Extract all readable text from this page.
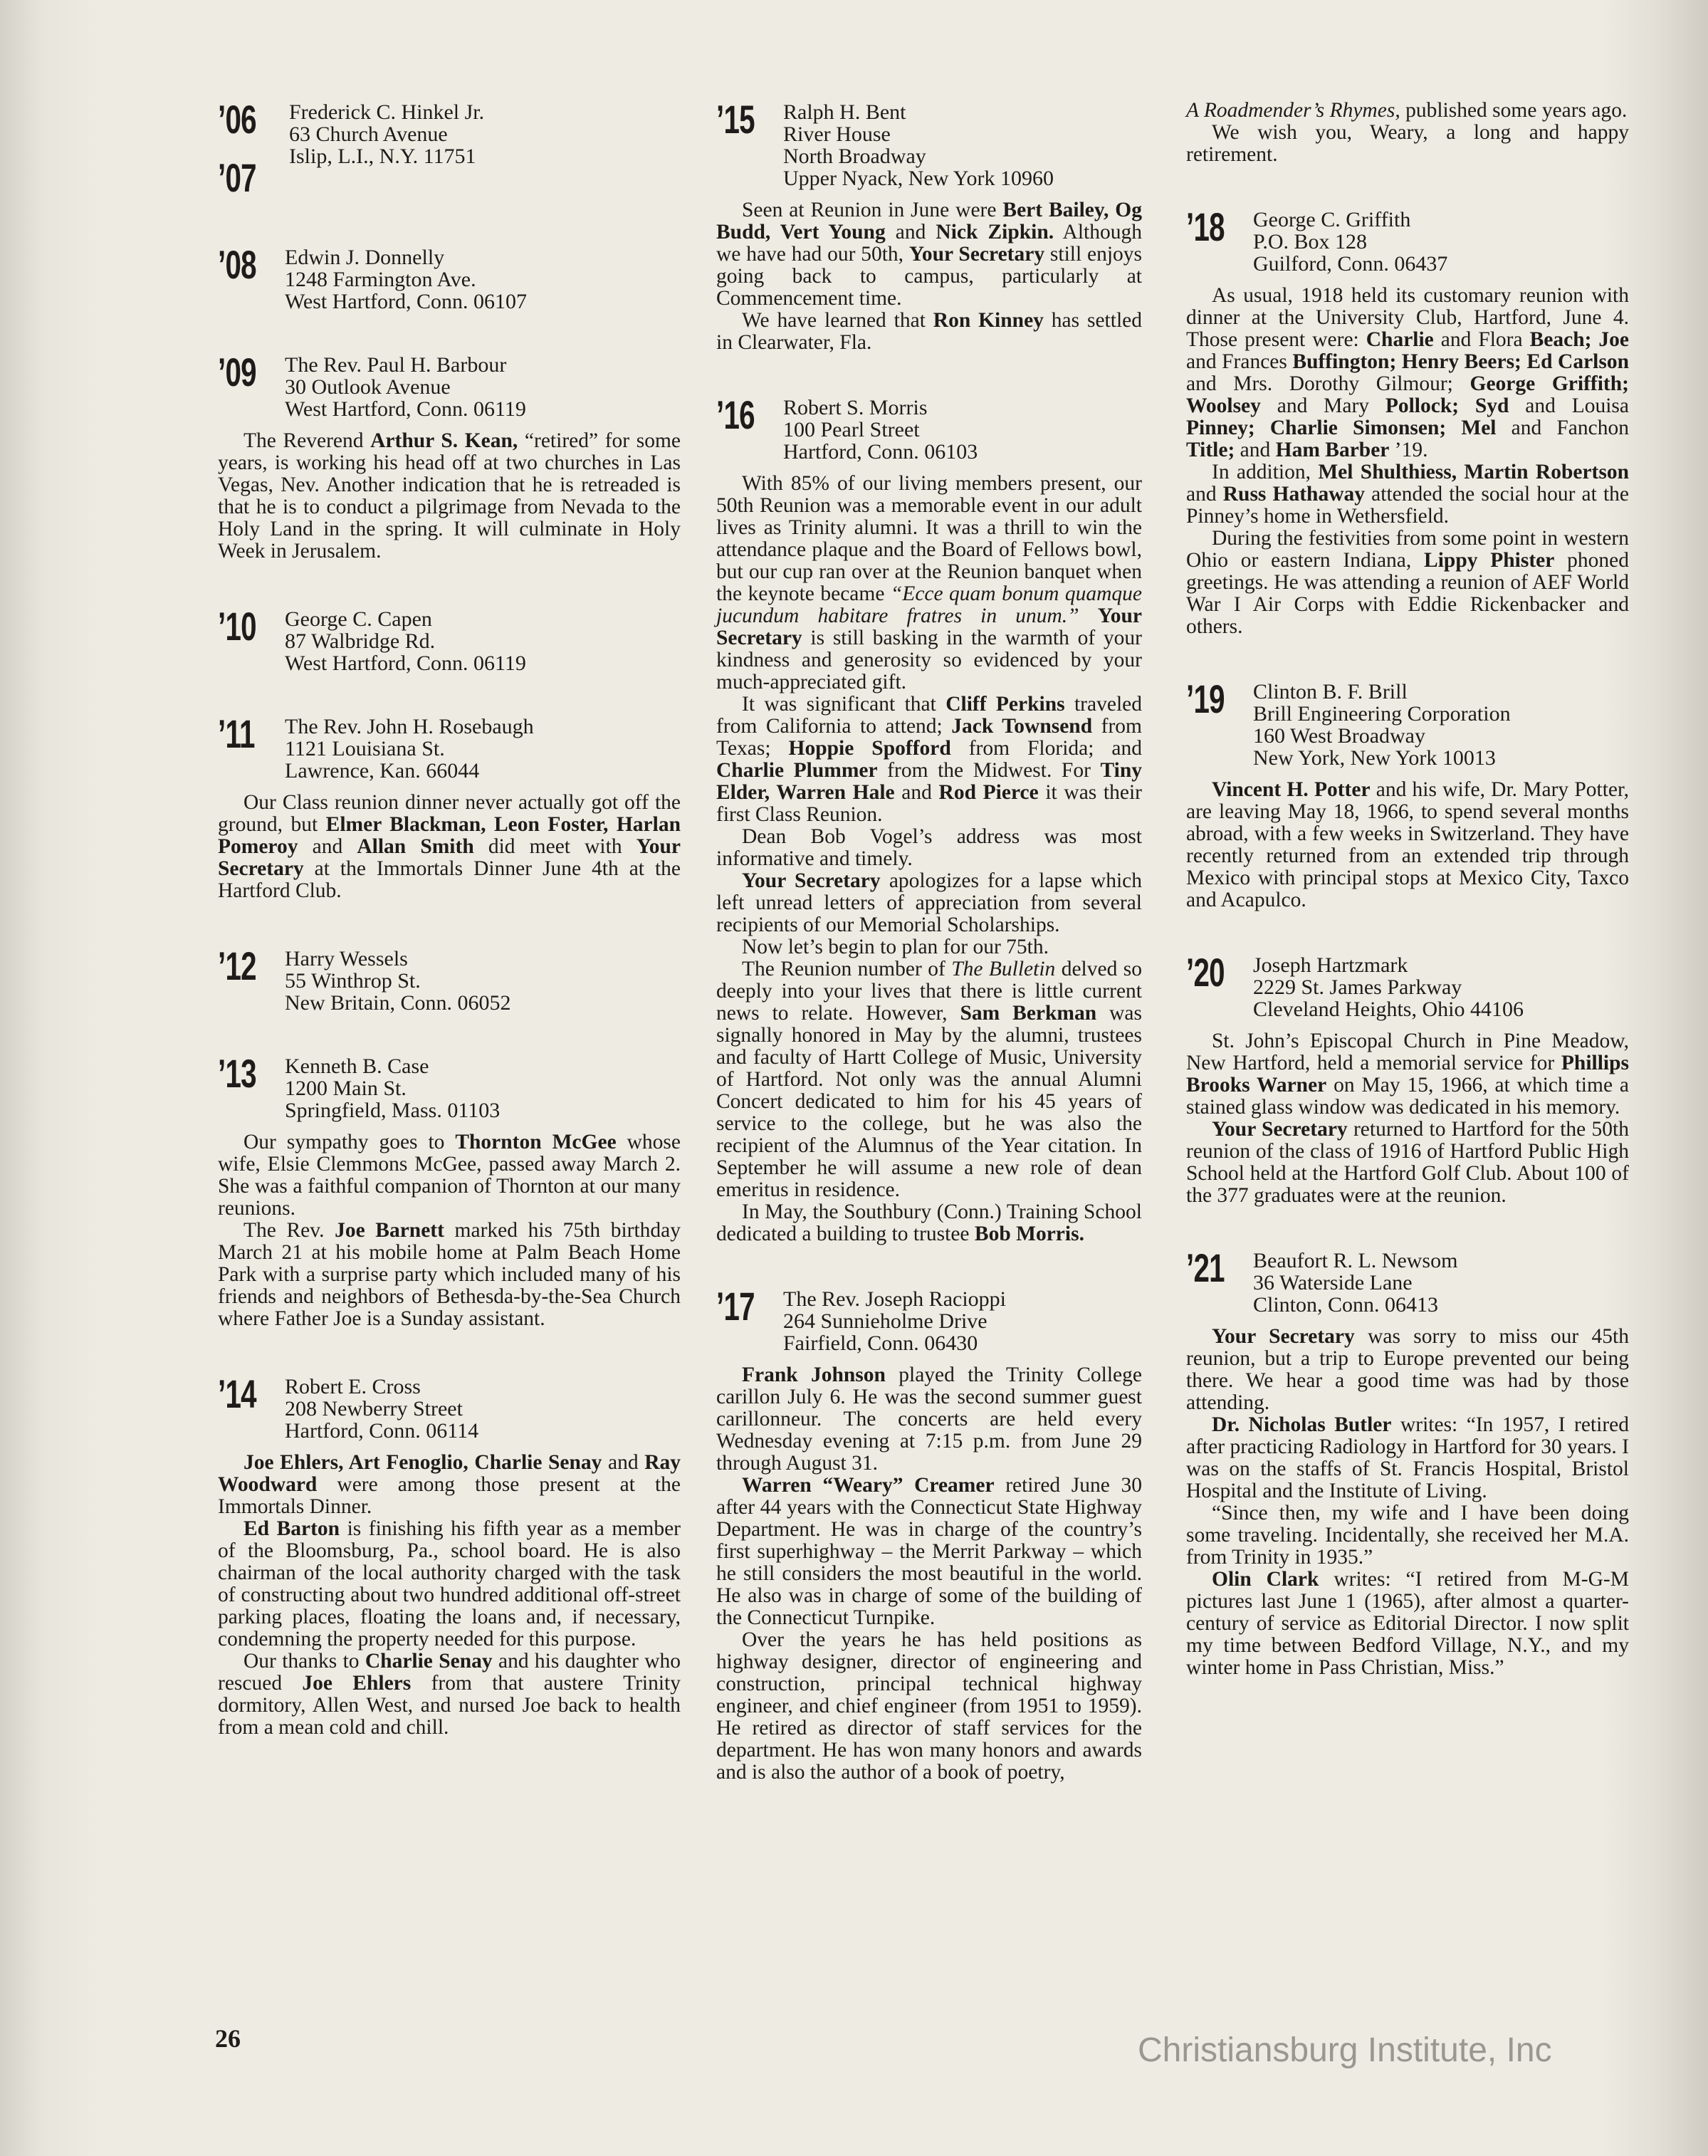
’06
’07
Frederick C. Hinkel Jr.
63 Church Avenue
Islip, L.I., N.Y. 11751
’08 Edwin J. Donnelly
1248 Farmington Ave.
West Hartford, Conn. 06107
’09 The Rev. Paul H. Barbour
30 Outlook Avenue
West Hartford, Conn. 06119

The Reverend Arthur S. Kean, “retired” for some years, is working his head off at two churches in Las Vegas, Nev. Another indication that he is retreaded is that he is to conduct a pilgrimage from Nevada to the Holy Land in the spring. It will culminate in Holy Week in Jerusalem.

’10 George C. Capen
87 Walbridge Rd.
West Hartford, Conn. 06119
’11 The Rev. John H. Rosebaugh
1121 Louisiana St.
Lawrence, Kan. 66044

Our Class reunion dinner never actually got off the ground, but Elmer Blackman, Leon Foster, Harlan Pomeroy and Allan Smith did meet with Your Secretary at the Immortals Dinner June 4th at the Hartford Club.

’12 Harry Wessels
55 Winthrop St.
New Britain, Conn. 06052
’13 Kenneth B. Case
1200 Main St.
Springfield, Mass. 01103

Our sympathy goes to Thornton McGee whose wife, Elsie Clemmons McGee, passed away March 2. She was a faithful companion of Thornton at our many reunions.

The Rev. Joe Barnett marked his 75th birthday March 21 at his mobile home at Palm Beach Home Park with a surprise party which included many of his friends and neighbors of Bethesda-by-the-Sea Church where Father Joe is a Sunday assistant.

’14 Robert E. Cross
208 Newberry Street
Hartford, Conn. 06114

Joe Ehlers, Art Fenoglio, Charlie Senay and Ray Woodward were among those present at the Immortals Dinner.

Ed Barton is finishing his fifth year as a member of the Bloomsburg, Pa., school board. He is also chairman of the local authority charged with the task of constructing about two hundred additional off-street parking places, floating the loans and, if necessary, condemning the property needed for this purpose.

Our thanks to Charlie Senay and his daughter who rescued Joe Ehlers from that austere Trinity dormitory, Allen West, and nursed Joe back to health from a mean cold and chill.

’15 Ralph H. Bent
River House
North Broadway
Upper Nyack, New York 10960

Seen at Reunion in June were Bert Bailey, Og Budd, Vert Young and Nick Zipkin. Although we have had our 50th, Your Secretary still enjoys going back to campus, particularly at Commencement time.

We have learned that Ron Kinney has settled in Clearwater, Fla.

’16 Robert S. Morris
100 Pearl Street
Hartford, Conn. 06103

With 85% of our living members present, our 50th Reunion was a memorable event in our adult lives as Trinity alumni. It was a thrill to win the attendance plaque and the Board of Fellows bowl, but our cup ran over at the Reunion banquet when the keynote became “Ecce quam bonum quamque jucundum habitare fratres in unum.” Your Secretary is still basking in the warmth of your kindness and generosity so evidenced by your much-appreciated gift.

It was significant that Cliff Perkins traveled from California to attend; Jack Townsend from Texas; Hoppie Spofford from Florida; and Charlie Plummer from the Midwest. For Tiny Elder, Warren Hale and Rod Pierce it was their first Class Reunion.

Dean Bob Vogel’s address was most informative and timely.

Your Secretary apologizes for a lapse which left unread letters of appreciation from several recipients of our Memorial Scholarships.

Now let’s begin to plan for our 75th.

The Reunion number of The Bulletin delved so deeply into your lives that there is little current news to relate. However, Sam Berkman was signally honored in May by the alumni, trustees and faculty of Hartt College of Music, University of Hartford. Not only was the annual Alumni Concert dedicated to him for his 45 years of service to the college, but he was also the recipient of the Alumnus of the Year citation. In September he will assume a new role of dean emeritus in residence.

In May, the Southbury (Conn.) Training School dedicated a building to trustee Bob Morris.

’17 The Rev. Joseph Racioppi
264 Sunnieholme Drive
Fairfield, Conn. 06430

Frank Johnson played the Trinity College carillon July 6. He was the second summer guest carillonneur. The concerts are held every Wednesday evening at 7:15 p.m. from June 29 through August 31.

Warren “Weary” Creamer retired June 30 after 44 years with the Connecticut State Highway Department. He was in charge of the country’s first superhighway – the Merrit Parkway – which he still considers the most beautiful in the world. He also was in charge of some of the building of the Connecticut Turnpike.

Over the years he has held positions as highway designer, director of engineering and construction, principal technical highway engineer, and chief engineer (from 1951 to 1959). He retired as director of staff services for the department. He has won many honors and awards and is also the author of a book of poetry,

A Roadmender’s Rhymes, published some years ago.

We wish you, Weary, a long and happy retirement.

’18 George C. Griffith
P.O. Box 128
Guilford, Conn. 06437

As usual, 1918 held its customary reunion with dinner at the University Club, Hartford, June 4. Those present were: Charlie and Flora Beach; Joe and Frances Buffington; Henry Beers; Ed Carlson and Mrs. Dorothy Gilmour; George Griffith; Woolsey and Mary Pollock; Syd and Louisa Pinney; Charlie Simonsen; Mel and Fanchon Title; and Ham Barber ’19.

In addition, Mel Shulthiess, Martin Robertson and Russ Hathaway attended the social hour at the Pinney’s home in Wethersfield.

During the festivities from some point in western Ohio or eastern Indiana, Lippy Phister phoned greetings. He was attending a reunion of AEF World War I Air Corps with Eddie Rickenbacker and others.

’19 Clinton B. F. Brill
Brill Engineering Corporation
160 West Broadway
New York, New York 10013

Vincent H. Potter and his wife, Dr. Mary Potter, are leaving May 18, 1966, to spend several months abroad, with a few weeks in Switzerland. They have recently returned from an extended trip through Mexico with principal stops at Mexico City, Taxco and Acapulco.

’20 Joseph Hartzmark
2229 St. James Parkway
Cleveland Heights, Ohio 44106

St. John’s Episcopal Church in Pine Meadow, New Hartford, held a memorial service for Phillips Brooks Warner on May 15, 1966, at which time a stained glass window was dedicated in his memory.

Your Secretary returned to Hartford for the 50th reunion of the class of 1916 of Hartford Public High School held at the Hartford Golf Club. About 100 of the 377 graduates were at the reunion.

’21 Beaufort R. L. Newsom
36 Waterside Lane
Clinton, Conn. 06413

Your Secretary was sorry to miss our 45th reunion, but a trip to Europe prevented our being there. We hear a good time was had by those attending.

Dr. Nicholas Butler writes: “In 1957, I retired after practicing Radiology in Hartford for 30 years. I was on the staffs of St. Francis Hospital, Bristol Hospital and the Institute of Living.

“Since then, my wife and I have been doing some traveling. Incidentally, she received her M.A. from Trinity in 1935.”

Olin Clark writes: “I retired from M-G-M pictures last June 1 (1965), after almost a quarter-century of service as Editorial Director. I now split my time between Bedford Village, N.Y., and my winter home in Pass Christian, Miss.”

26	Christiansburg Institute, Inc
